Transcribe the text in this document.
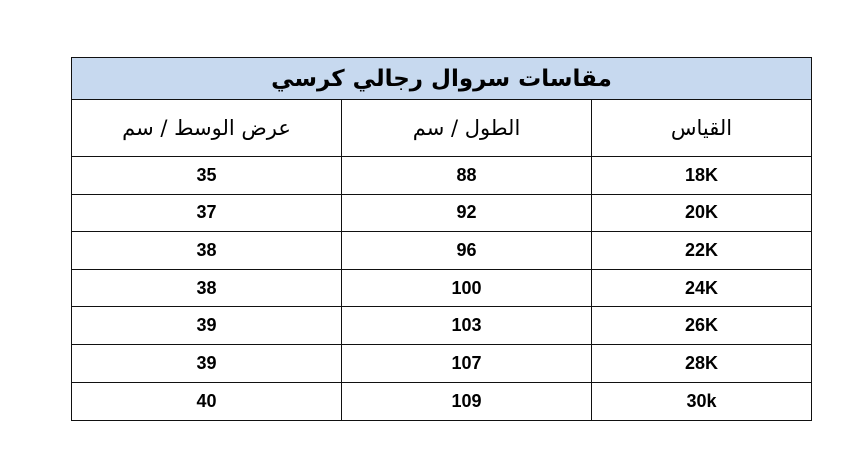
مقاسات سروال رجالي كرسي
القياس
الطول / سم
عرض الوسط / سم
18K
88
35
20K
92
37
22K
96
38
24K
100
38
26K
103
39
28K
107
39
30k
109
40
